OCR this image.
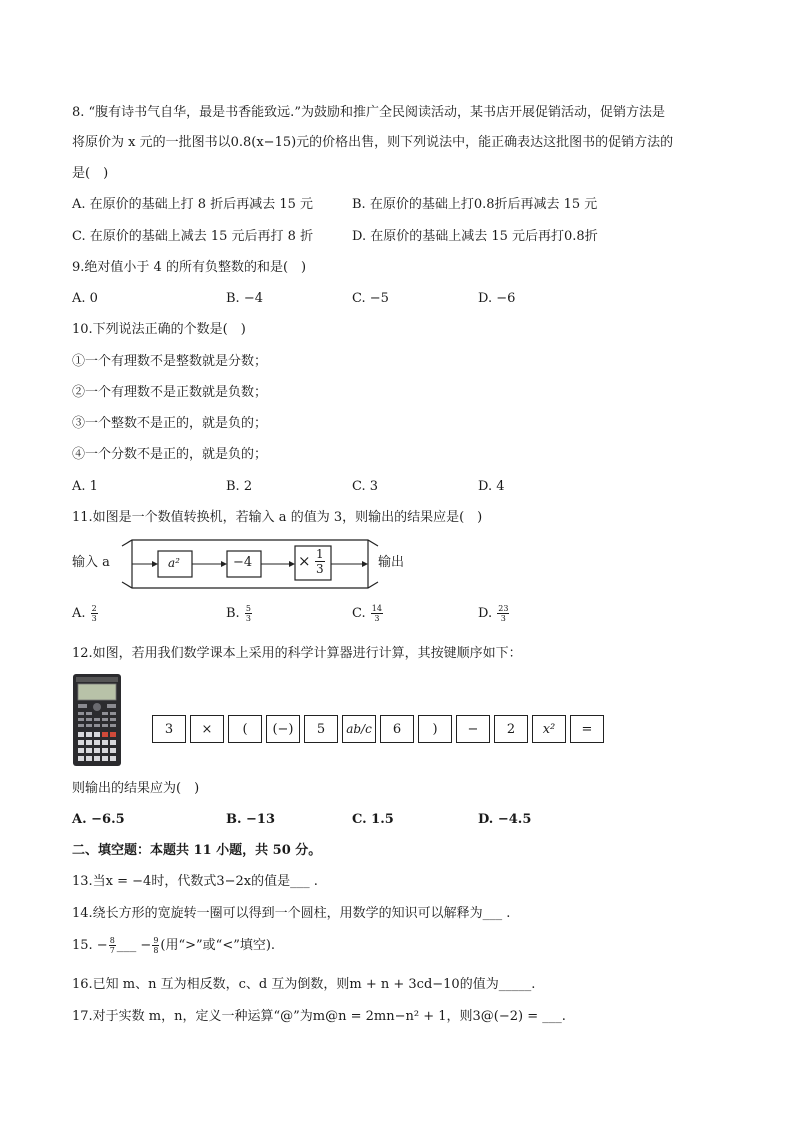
8. “腹有诗书气自华，最是书香能致远.”为鼓励和推广全民阅读活动，某书店开展促销活动，促销方法是
将原价为 x 元的一批图书以0.8(x−15)元的价格出售，则下列说法中，能正确表达这批图书的促销方法的
是(　)
A. 在原价的基础上打 8 折后再减去 15 元	B. 在原价的基础上打0.8折后再减去 15 元
C. 在原价的基础上减去 15 元后再打 8 折	D. 在原价的基础上减去 15 元后再打0.8折
9.绝对值小于 4 的所有负整数的和是(　)
A. 0	B. −4	C. −5	D. −6
10.下列说法正确的个数是(　)
①一个有理数不是整数就是分数；
②一个有理数不是正数就是负数；
③一个整数不是正的，就是负的；
④一个分数不是正的，就是负的；
A. 1	B. 2	C. 3	D. 4
11.如图是一个数值转换机，若输入 a 的值为 3，则输出的结果应是(　)
输入 a	a²	−4	× $\frac{1}{3}$	输出
A. $\frac{2}{3}$	B. $\frac{5}{3}$	C. $\frac{14}{3}$	D. $\frac{23}{3}$
12.如图，若用我们数学课本上采用的科学计算器进行计算，其按键顺序如下：
3	×	(	(−)	5	ab/c	6	)	−	2	x²	=
则输出的结果应为(　)
A. −6.5	B. −13	C. 1.5	D. −4.5
二、填空题：本题共 11 小题，共 50 分。
13.当x = −4时，代数式3−2x的值是___ .
14.绕长方形的宽旋转一圈可以得到一个圆柱，用数学的知识可以解释为___ .
15. − $\frac{8}{7}$ ___ − $\frac{9}{8}$ (用“>”或“<”填空).
16.已知 m、n 互为相反数，c、d 互为倒数，则m + n + 3cd−10的值为_____.
17.对于实数 m，n，定义一种运算“@”为m@n = 2mn−n² + 1，则3@(−2) = ___.
